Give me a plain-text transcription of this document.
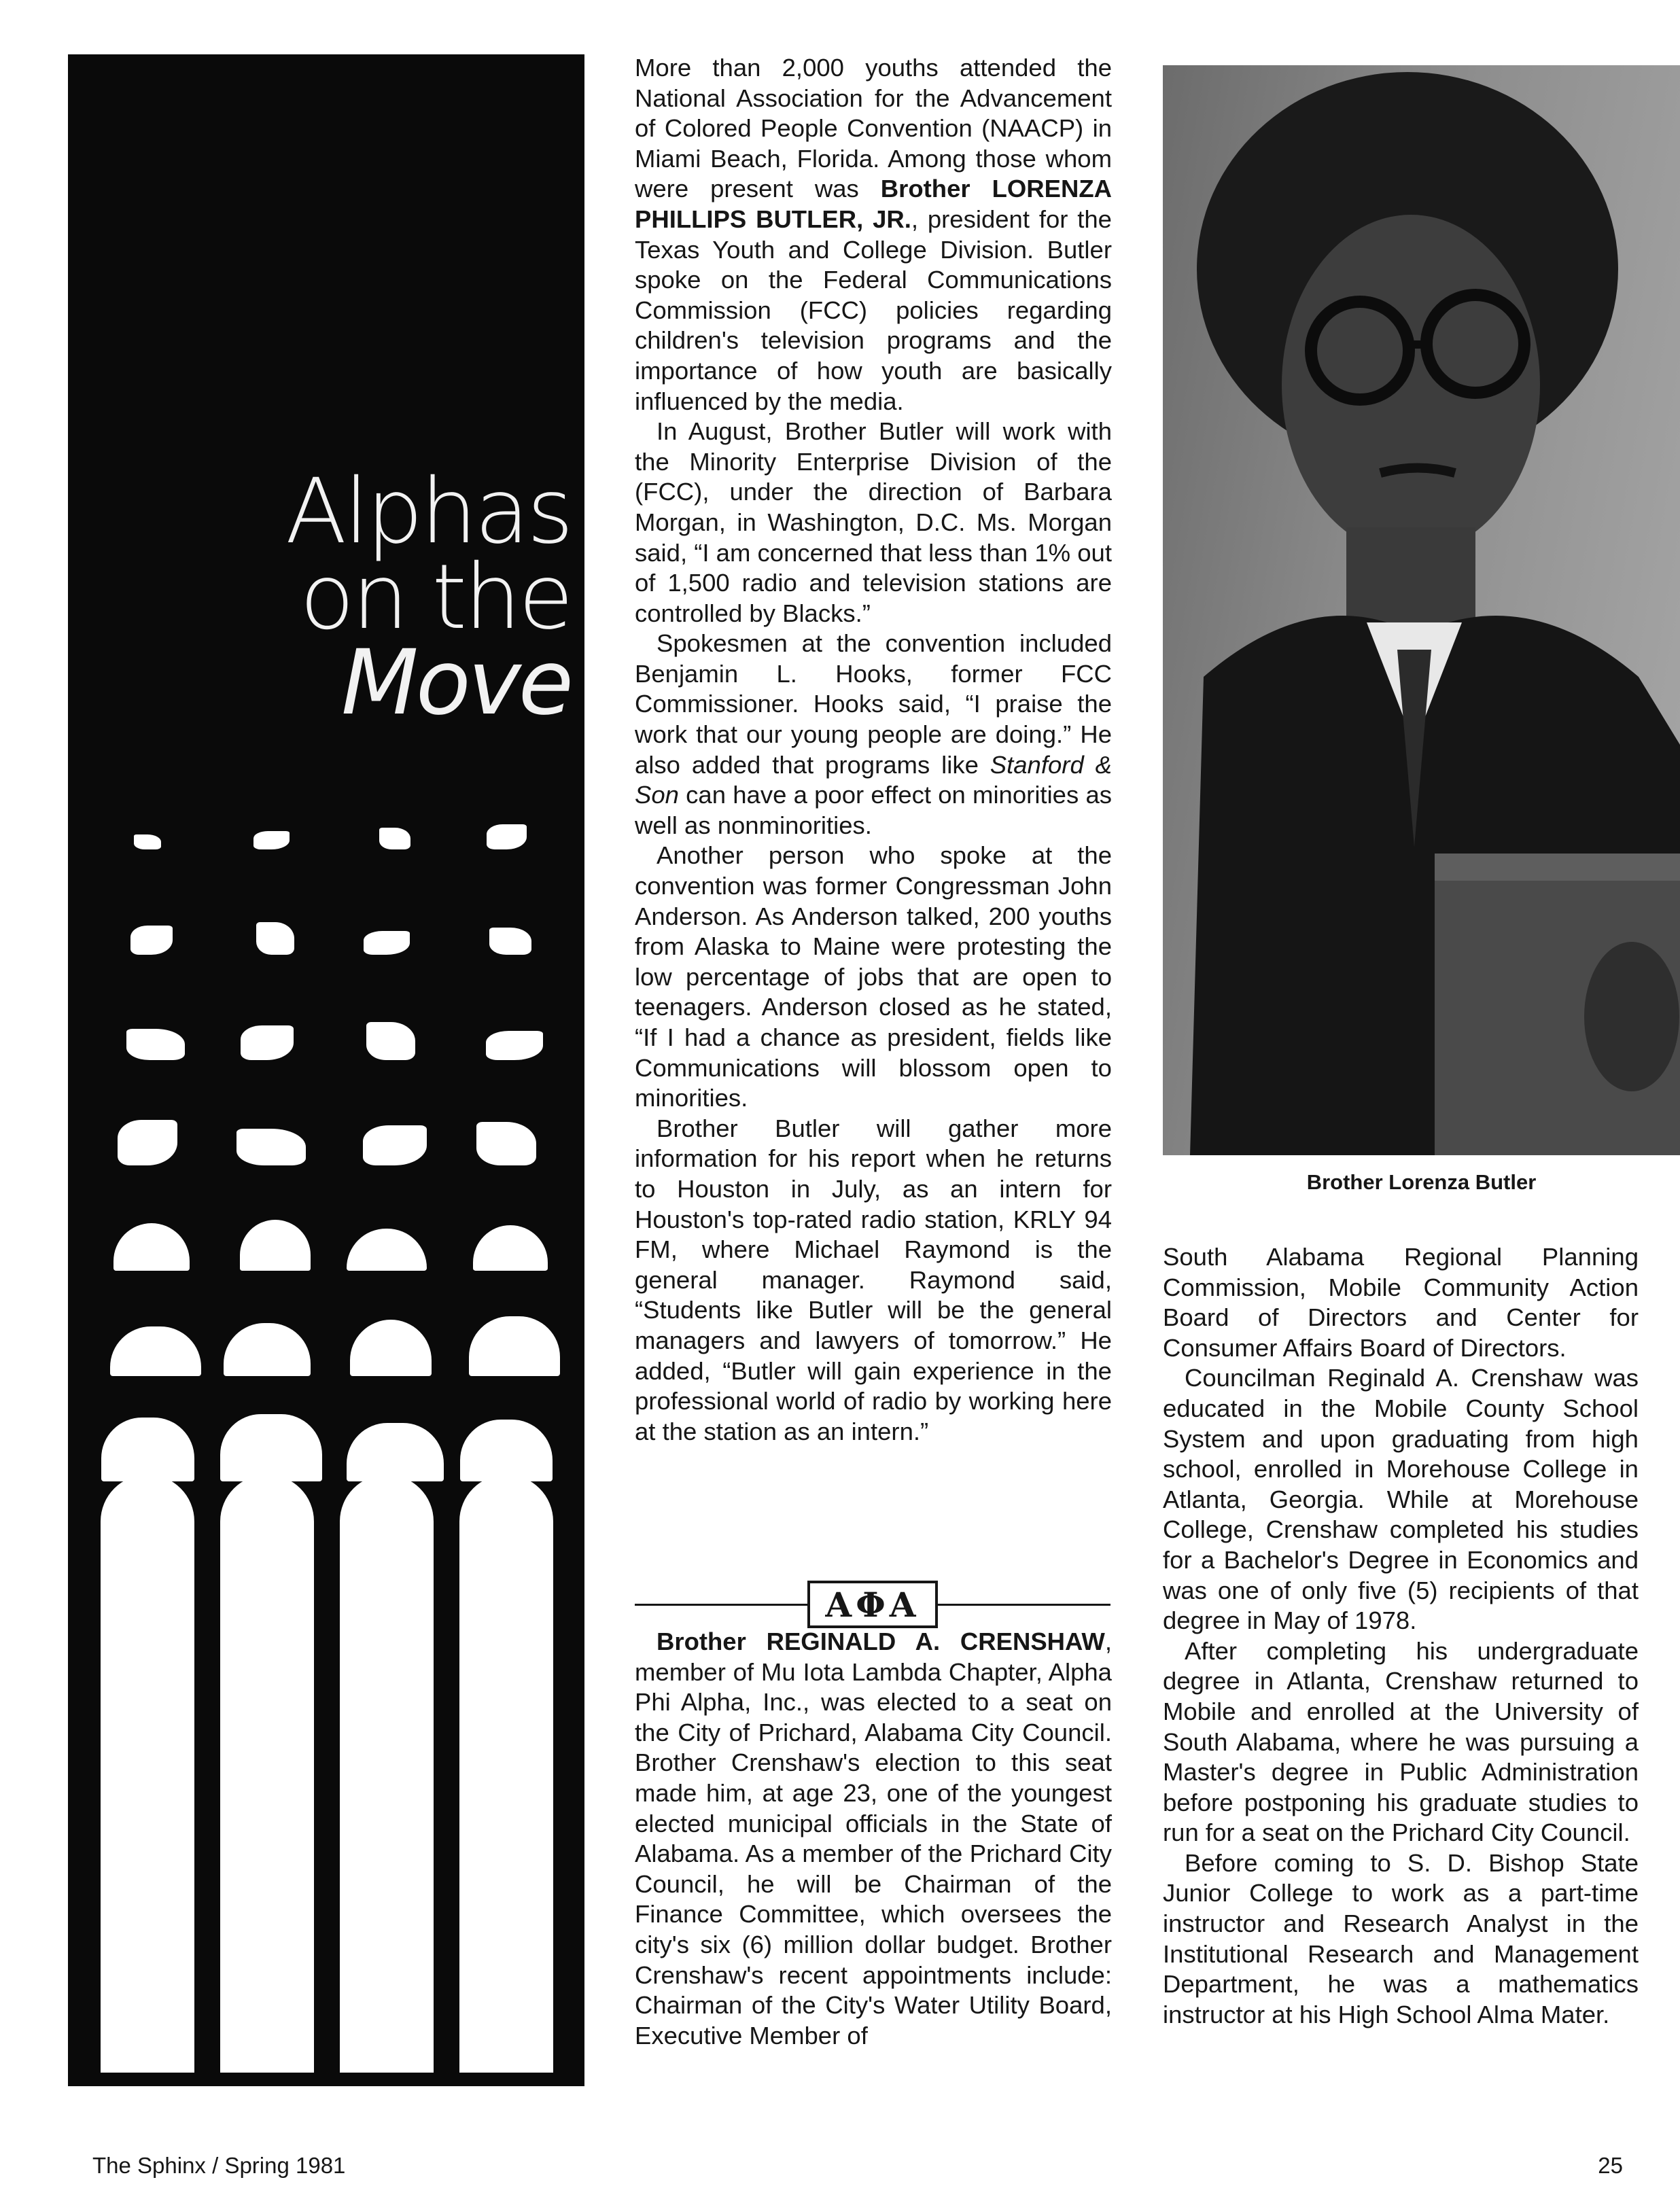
Alphas
on the
Move

More than 2,000 youths attended the National Association for the Advancement of Colored People Convention (NAACP) in Miami Beach, Florida. Among those whom were present was Brother LORENZA PHILLIPS BUTLER, JR., president for the Texas Youth and College Division. Butler spoke on the Federal Communications Commission (FCC) policies regarding children's television programs and the importance of how youth are basically influenced by the media.

In August, Brother Butler will work with the Minority Enterprise Division of the (FCC), under the direction of Barbara Morgan, in Washington, D.C. Ms. Morgan said, “I am concerned that less than 1% out of 1,500 radio and television stations are controlled by Blacks.”

Spokesmen at the convention included Benjamin L. Hooks, former FCC Commissioner. Hooks said, “I praise the work that our young people are doing.” He also added that programs like Stanford & Son can have a poor effect on minorities as well as nonminorities.

Another person who spoke at the convention was former Congressman John Anderson. As Anderson talked, 200 youths from Alaska to Maine were protesting the low percentage of jobs that are open to teenagers. Anderson closed as he stated, “If I had a chance as president, fields like Communications will blossom open to minorities.

Brother Butler will gather more information for his report when he returns to Houston in July, as an intern for Houston's top-rated radio station, KRLY 94 FM, where Michael Raymond is the general manager. Raymond said, “Students like Butler will be the general managers and lawyers of tomorrow.” He added, “Butler will gain experience in the professional world of radio by working here at the station as an intern.”

ΑΦΑ

Brother REGINALD A. CRENSHAW, member of Mu Iota Lambda Chapter, Alpha Phi Alpha, Inc., was elected to a seat on the City of Prichard, Alabama City Council. Brother Crenshaw's election to this seat made him, at age 23, one of the youngest elected municipal officials in the State of Alabama. As a member of the Prichard City Council, he will be Chairman of the Finance Committee, which oversees the city's six (6) million dollar budget. Brother Crenshaw's recent appointments include: Chairman of the City's Water Utility Board, Executive Member of

Brother Lorenza Butler

South Alabama Regional Planning Commission, Mobile Community Action Board of Directors and Center for Consumer Affairs Board of Directors.

Councilman Reginald A. Crenshaw was educated in the Mobile County School System and upon graduating from high school, enrolled in Morehouse College in Atlanta, Georgia. While at Morehouse College, Crenshaw completed his studies for a Bachelor's Degree in Economics and was one of only five (5) recipients of that degree in May of 1978.

After completing his undergraduate degree in Atlanta, Crenshaw returned to Mobile and enrolled at the University of South Alabama, where he was pursuing a Master's degree in Public Administration before postponing his graduate studies to run for a seat on the Prichard City Council.

Before coming to S. D. Bishop State Junior College to work as a part-time instructor and Research Analyst in the Institutional Research and Management Department, he was a mathematics instructor at his High School Alma Mater.

The Sphinx / Spring 1981	25
